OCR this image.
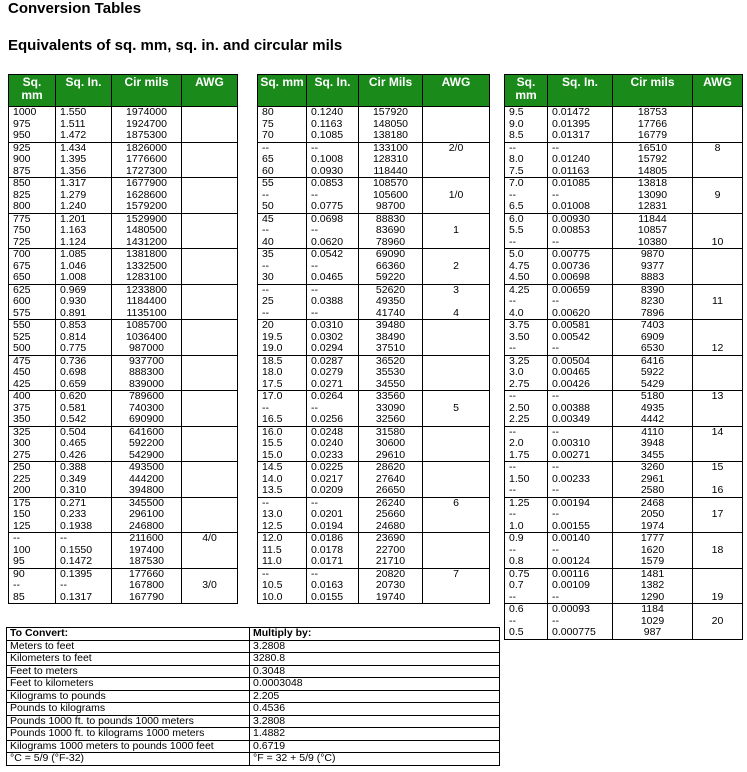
Conversion Tables
Equivalents of sq. mm, sq. in. and circular mils
Sq. mm	Sq. In.	Cir mils	AWG
1000	1.550	1974000	
975	1.511	1924700	
950	1.472	1875300	
925	1.434	1826000	
900	1.395	1776600	
875	1.356	1727300	
850	1.317	1677900	
825	1.279	1628600	
800	1.240	1579200	
775	1.201	1529900	
750	1.163	1480500	
725	1.124	1431200	
700	1.085	1381800	
675	1.046	1332500	
650	1.008	1283100	
625	0.969	1233800	
600	0.930	1184400	
575	0.891	1135100	
550	0.853	1085700	
525	0.814	1036400	
500	0.775	987000	
475	0.736	937700	
450	0.698	888300	
425	0.659	839000	
400	0.620	789600	
375	0.581	740300	
350	0.542	690900	
325	0.504	641600	
300	0.465	592200	
275	0.426	542900	
250	0.388	493500	
225	0.349	444200	
200	0.310	394800	
175	0.271	345500	
150	0.233	296100	
125	0.1938	246800	
--	--	211600	4/0
100	0.1550	197400	
95	0.1472	187530	
90	0.1395	177660	
--	--	167800	3/0
85	0.1317	167790	
Sq. mm	Sq. In.	Cir Mils	AWG
80	0.1240	157920	
75	0.1163	148050	
70	0.1085	138180	
--	--	133100	2/0
65	0.1008	128310	
60	0.0930	118440	
55	0.0853	108570	
--	--	105600	1/0
50	0.0775	98700	
45	0.0698	88830	
--	--	83690	1
40	0.0620	78960	
35	0.0542	69090	
--	--	66360	2
30	0.0465	59220	
--	--	52620	3
25	0.0388	49350	
--	--	41740	4
20	0.0310	39480	
19.5	0.0302	38490	
19.0	0.0294	37510	
18.5	0.0287	36520	
18.0	0.0279	35530	
17.5	0.0271	34550	
17.0	0.0264	33560	
--	--	33090	5
16.5	0.0256	32560	
16.0	0.0248	31580	
15.5	0.0240	30600	
15.0	0.0233	29610	
14.5	0.0225	28620	
14.0	0.0217	27640	
13.5	0.0209	26650	
--	--	26240	6
13.0	0.0201	25660	
12.5	0.0194	24680	
12.0	0.0186	23690	
11.5	0.0178	22700	
11.0	0.0171	21710	
--	--	20820	7
10.5	0.0163	20730	
10.0	0.0155	19740	
Sq. mm	Sq. In.	Cir mils	AWG
9.5	0.01472	18753	
9.0	0.01395	17766	
8.5	0.01317	16779	
--	--	16510	8
8.0	0.01240	15792	
7.5	0.01163	14805	
7.0	0.01085	13818	
--	--	13090	9
6.5	0.01008	12831	
6.0	0.00930	11844	
5.5	0.00853	10857	
--	--	10380	10
5.0	0.00775	9870	
4.75	0.00736	9377	
4.50	0.00698	8883	
4.25	0.00659	8390	
--	--	8230	11
4.0	0.00620	7896	
3.75	0.00581	7403	
3.50	0.00542	6909	
--	--	6530	12
3.25	0.00504	6416	
3.0	0.00465	5922	
2.75	0.00426	5429	
--	--	5180	13
2.50	0.00388	4935	
2.25	0.00349	4442	
--	--	4110	14
2.0	0.00310	3948	
1.75	0.00271	3455	
--	--	3260	15
1.50	0.00233	2961	
--	--	2580	16
1.25	0.00194	2468	
--	--	2050	17
1.0	0.00155	1974	
0.9	0.00140	1777	
--	--	1620	18
0.8	0.00124	1579	
0.75	0.00116	1481	
0.7	0.00109	1382	
--	--	1290	19
0.6	0.00093	1184	
--	--	1029	20
0.5	0.000775	987	
To Convert:	Multiply by:
Meters to feet	3.2808
Kilometers to feet	3280.8
Feet to meters	0.3048
Feet to kilometers	0.0003048
Kilograms to pounds	2.205
Pounds to kilograms	0.4536
Pounds 1000 ft. to pounds 1000 meters	3.2808
Pounds 1000 ft. to kilograms 1000 meters	1.4882
Kilograms 1000 meters to pounds 1000 feet	0.6719
°C = 5/9 (°F-32)	°F = 32 + 5/9 (°C)
